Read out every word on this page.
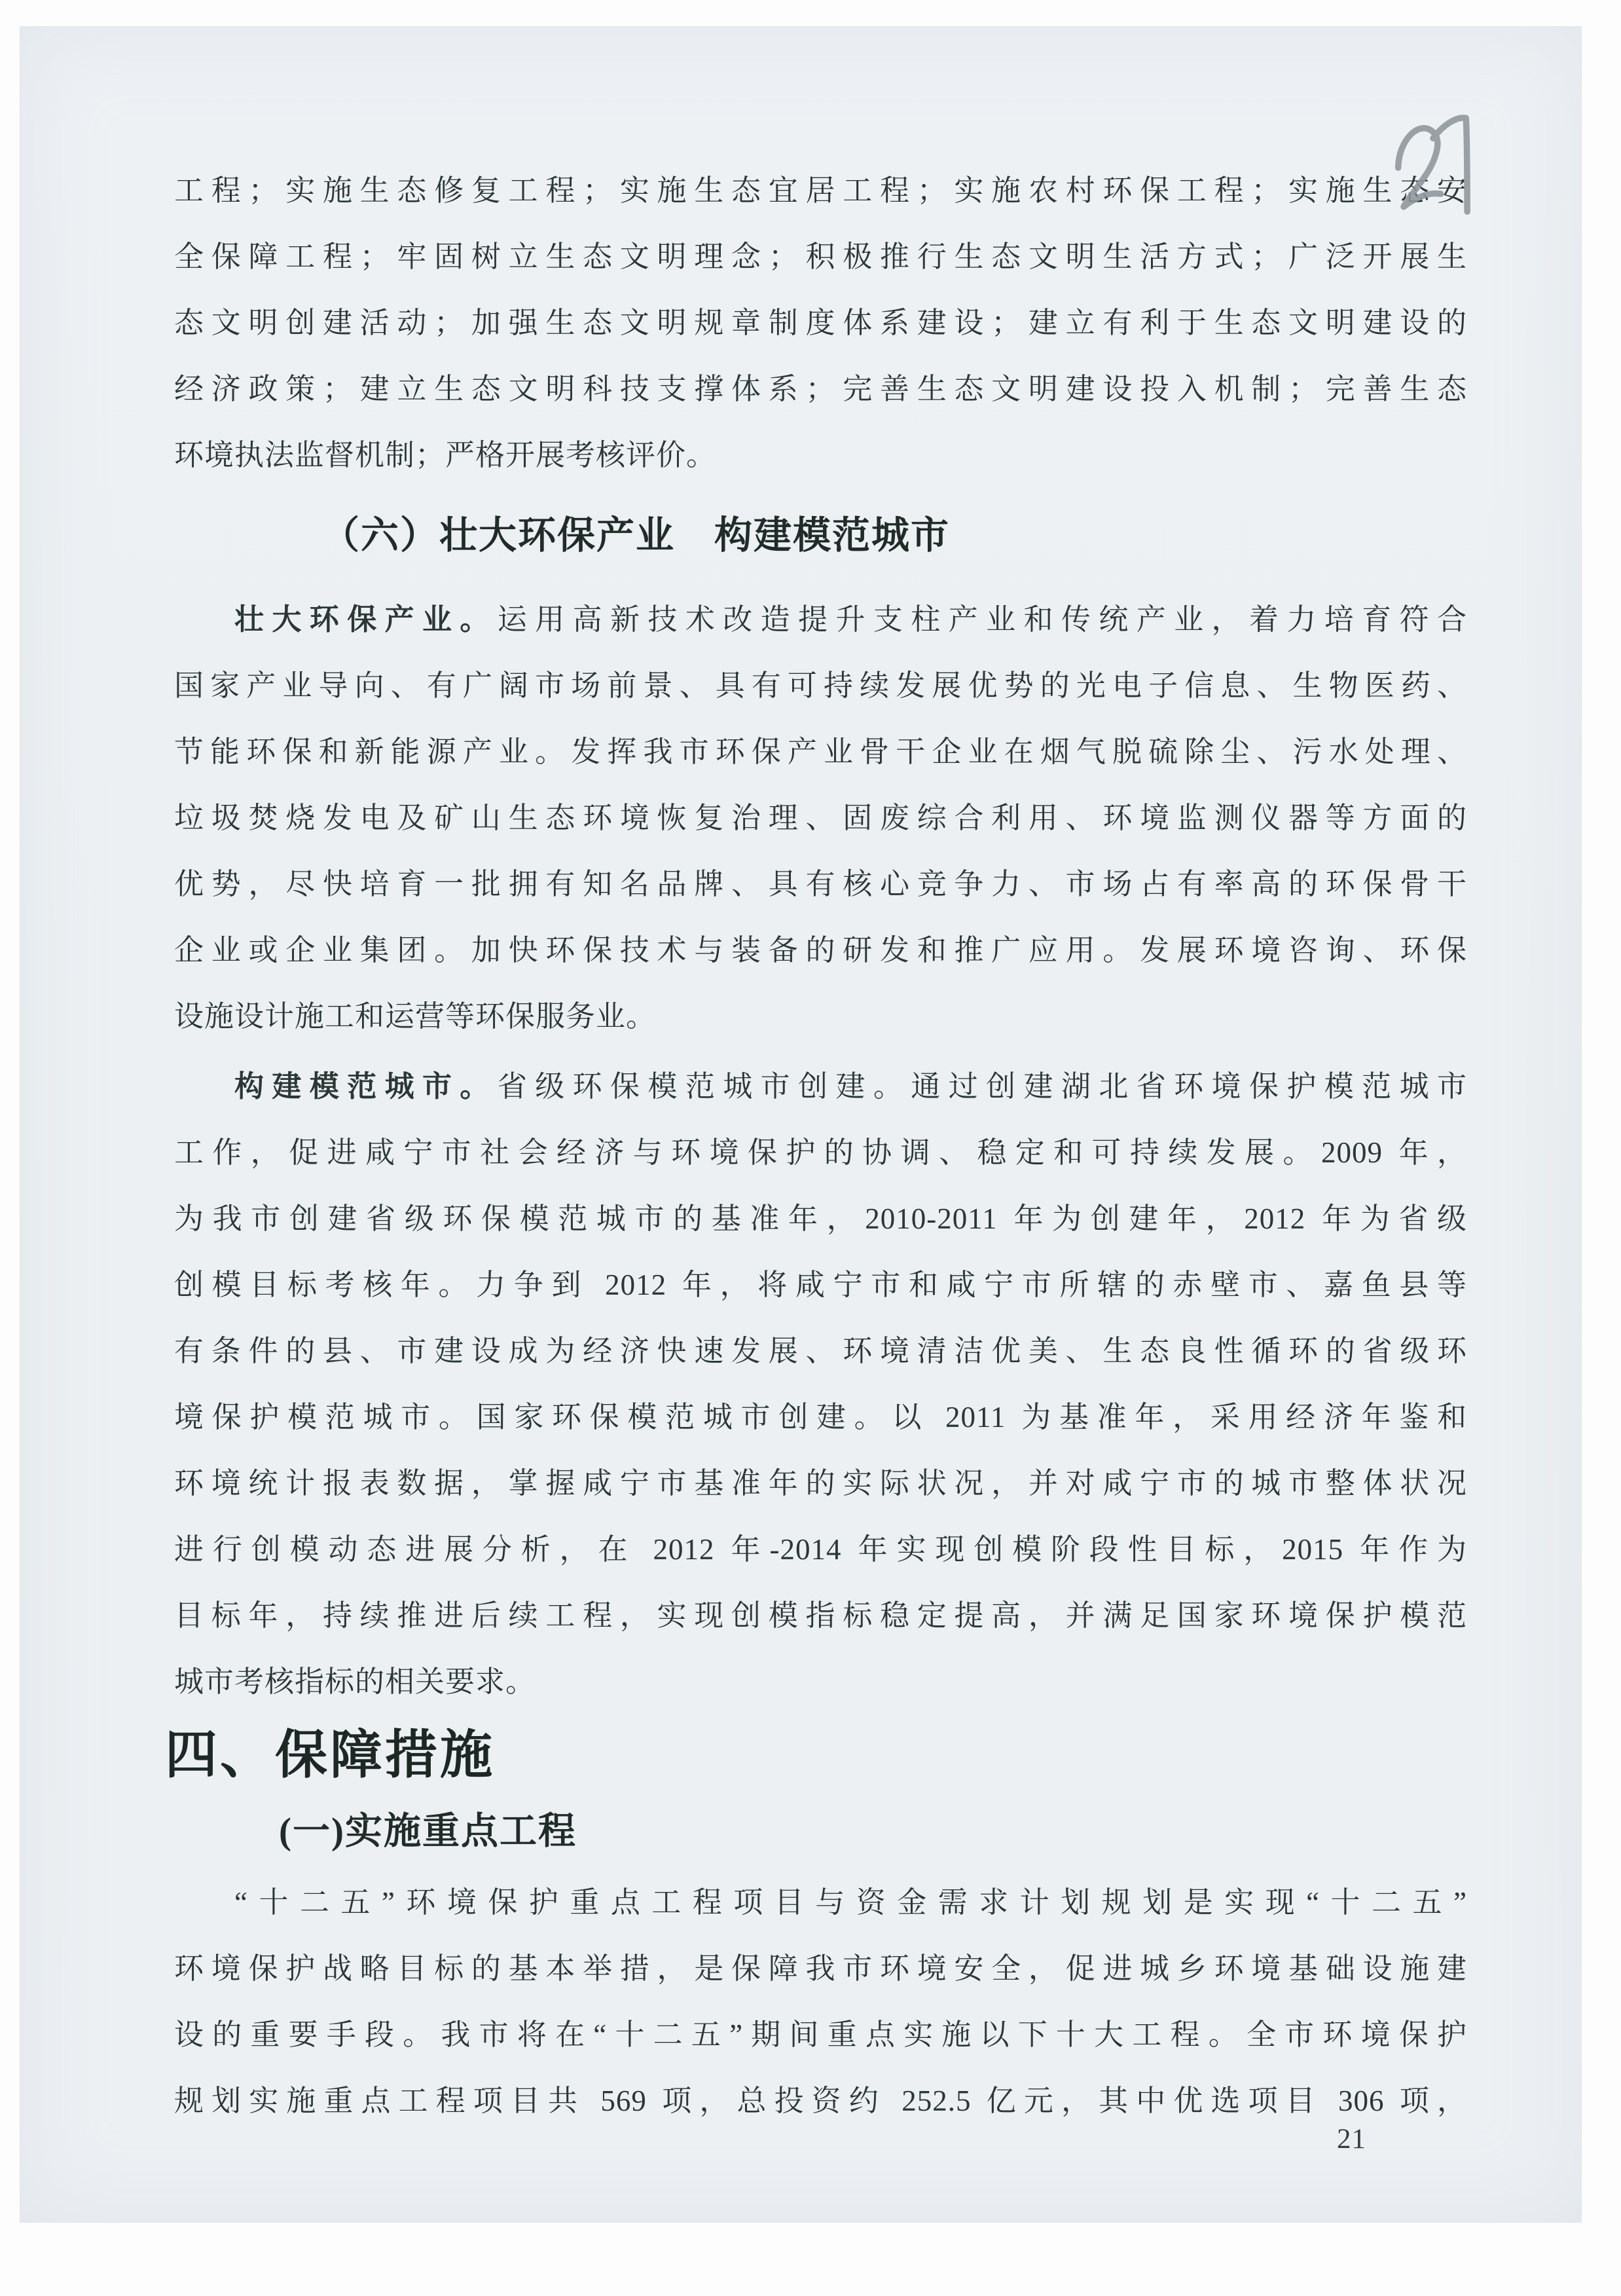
工程；实施生态修复工程；实施生态宜居工程；实施农村环保工程；实施生态安
全保障工程；牢固树立生态文明理念；积极推行生态文明生活方式；广泛开展生
态文明创建活动；加强生态文明规章制度体系建设；建立有利于生态文明建设的
经济政策；建立生态文明科技支撑体系；完善生态文明建设投入机制；完善生态
环境执法监督机制；严格开展考核评价。
（六）壮大环保产业　构建模范城市
壮大环保产业。运用高新技术改造提升支柱产业和传统产业，着力培育符合
国家产业导向、有广阔市场前景、具有可持续发展优势的光电子信息、生物医药、
节能环保和新能源产业。发挥我市环保产业骨干企业在烟气脱硫除尘、污水处理、
垃圾焚烧发电及矿山生态环境恢复治理、固废综合利用、环境监测仪器等方面的
优势，尽快培育一批拥有知名品牌、具有核心竞争力、市场占有率高的环保骨干
企业或企业集团。加快环保技术与装备的研发和推广应用。发展环境咨询、环保
设施设计施工和运营等环保服务业。
构建模范城市。省级环保模范城市创建。通过创建湖北省环境保护模范城市
工作，促进咸宁市社会经济与环境保护的协调、稳定和可持续发展。2009 年，
为我市创建省级环保模范城市的基准年，2010-2011 年为创建年，2012 年为省级
创模目标考核年。力争到 2012 年，将咸宁市和咸宁市所辖的赤壁市、嘉鱼县等
有条件的县、市建设成为经济快速发展、环境清洁优美、生态良性循环的省级环
境保护模范城市。国家环保模范城市创建。以 2011 为基准年，采用经济年鉴和
环境统计报表数据，掌握咸宁市基准年的实际状况，并对咸宁市的城市整体状况
进行创模动态进展分析，在 2012 年-2014 年实现创模阶段性目标，2015 年作为
目标年，持续推进后续工程，实现创模指标稳定提高，并满足国家环境保护模范
城市考核指标的相关要求。
四、保障措施
(一)实施重点工程
“十二五”环境保护重点工程项目与资金需求计划规划是实现“十二五”
环境保护战略目标的基本举措，是保障我市环境安全，促进城乡环境基础设施建
设的重要手段。我市将在“十二五”期间重点实施以下十大工程。全市环境保护
规划实施重点工程项目共 569 项，总投资约 252.5 亿元，其中优选项目 306 项，
21
